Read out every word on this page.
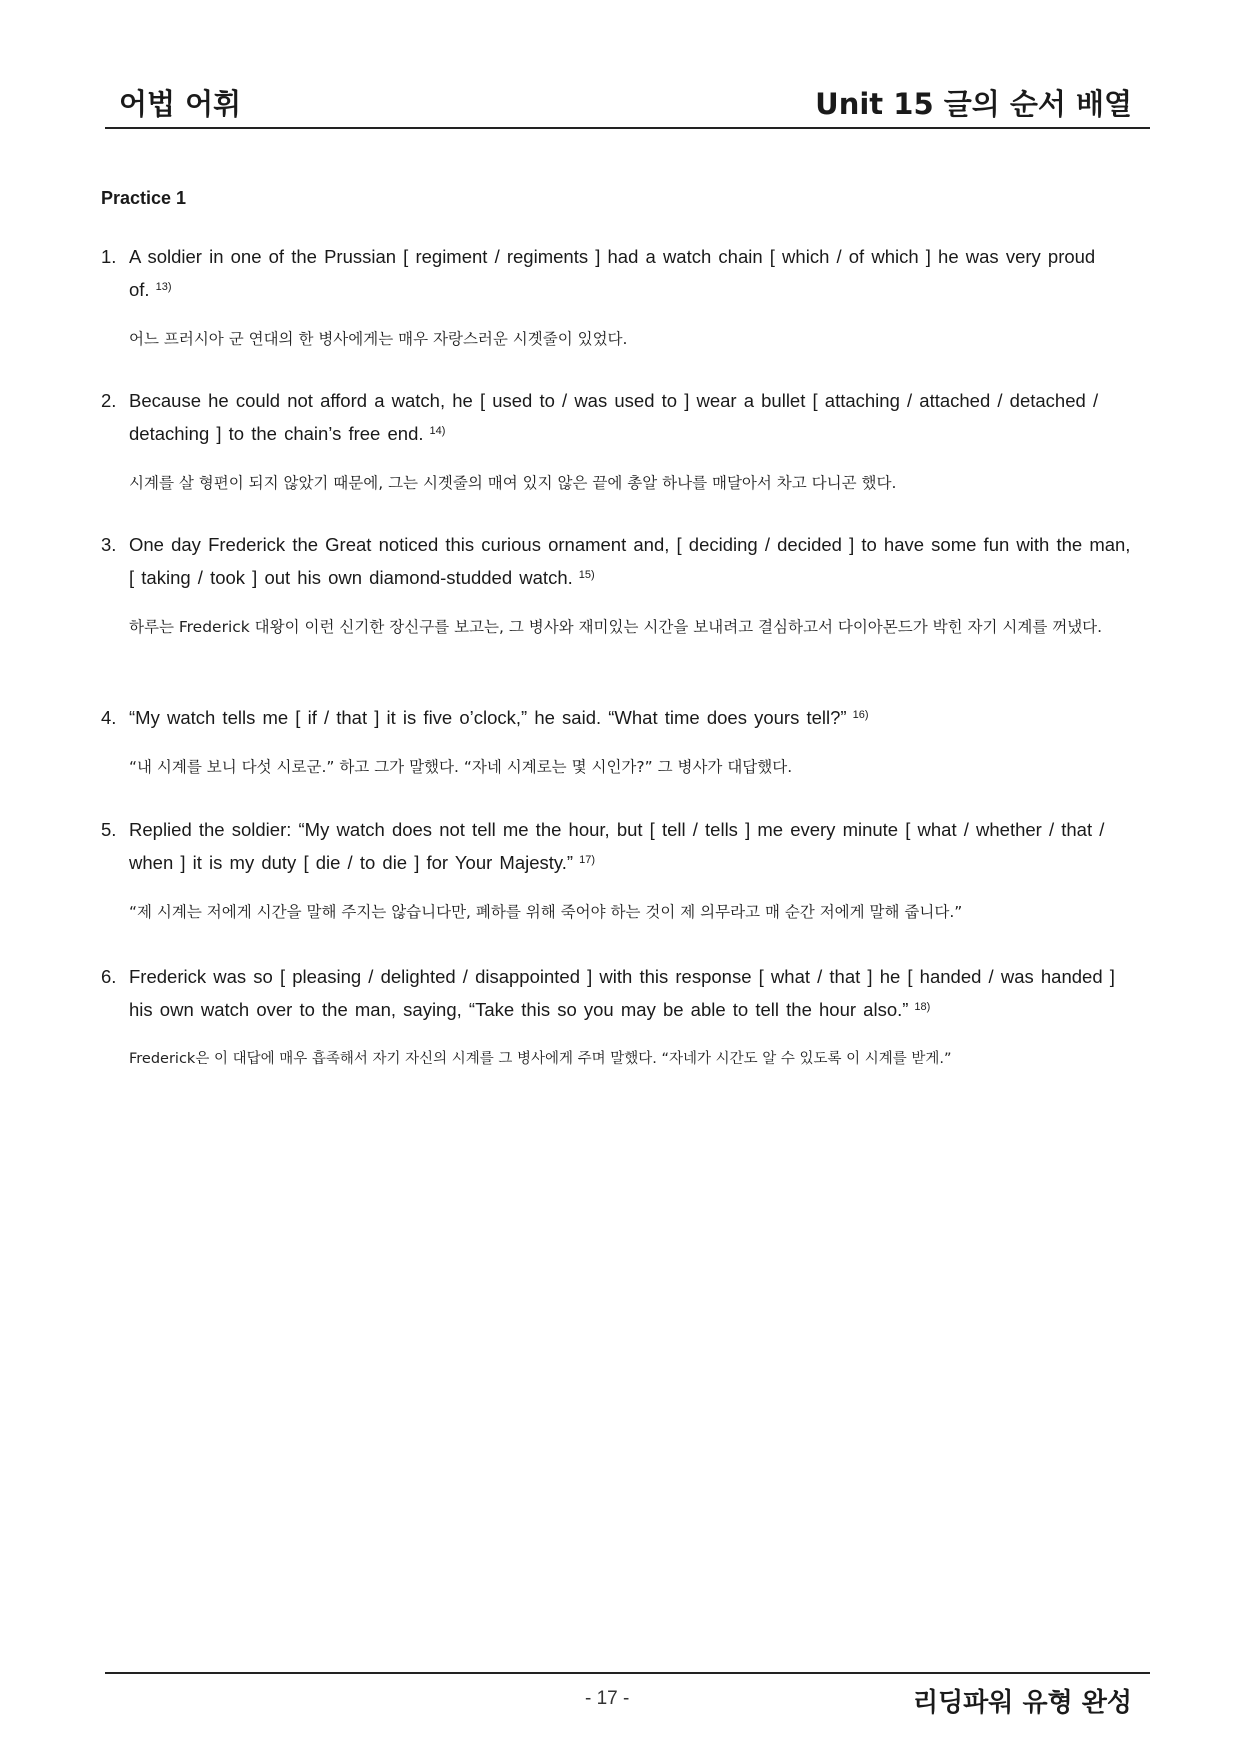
어법 어휘	Unit 15 글의 순서 배열
Practice 1

1. A soldier in one of the Prussian [ regiment / regiments ] had a watch chain [ which / of which ] he was very proud of. $^{13)}$

어느 프러시아 군 연대의 한 병사에게는 매우 자랑스러운 시곗줄이 있었다.

2. Because he could not afford a watch, he [ used to / was used to ] wear a bullet [ attaching / attached / detached / detaching ] to the chain’s free end. $^{14)}$

시계를 살 형편이 되지 않았기 때문에, 그는 시곗줄의 매여 있지 않은 끝에 총알 하나를 매달아서 차고 다니곤 했다.

3. One day Frederick the Great noticed this curious ornament and, [ deciding / decided ] to have some fun with the man, [ taking / took ] out his own diamond-studded watch. $^{15)}$

하루는 Frederick 대왕이 이런 신기한 장신구를 보고는, 그 병사와 재미있는 시간을 보내려고 결심하고서 다이아몬드가 박힌 자기 시계를 꺼냈다.

4. “My watch tells me [ if / that ] it is five o’clock,” he said. “What time does yours tell?” $^{16)}$

“내 시계를 보니 다섯 시로군.” 하고 그가 말했다. “자네 시계로는 몇 시인가?” 그 병사가 대답했다.

5. Replied the soldier: “My watch does not tell me the hour, but [ tell / tells ] me every minute [ what / whether / that / when ] it is my duty [ die / to die ] for Your Majesty.” $^{17)}$

“제 시계는 저에게 시간을 말해 주지는 않습니다만, 폐하를 위해 죽어야 하는 것이 제 의무라고 매 순간 저에게 말해 줍니다.”

6. Frederick was so [ pleasing / delighted / disappointed ] with this response [ what / that ] he [ handed / was handed ] his own watch over to the man, saying, “Take this so you may be able to tell the hour also.” $^{18)}$

Frederick은 이 대답에 매우 흡족해서 자기 자신의 시계를 그 병사에게 주며 말했다. “자네가 시간도 알 수 있도록 이 시계를 받게.”

- 17 -	리딩파워 유형 완성
